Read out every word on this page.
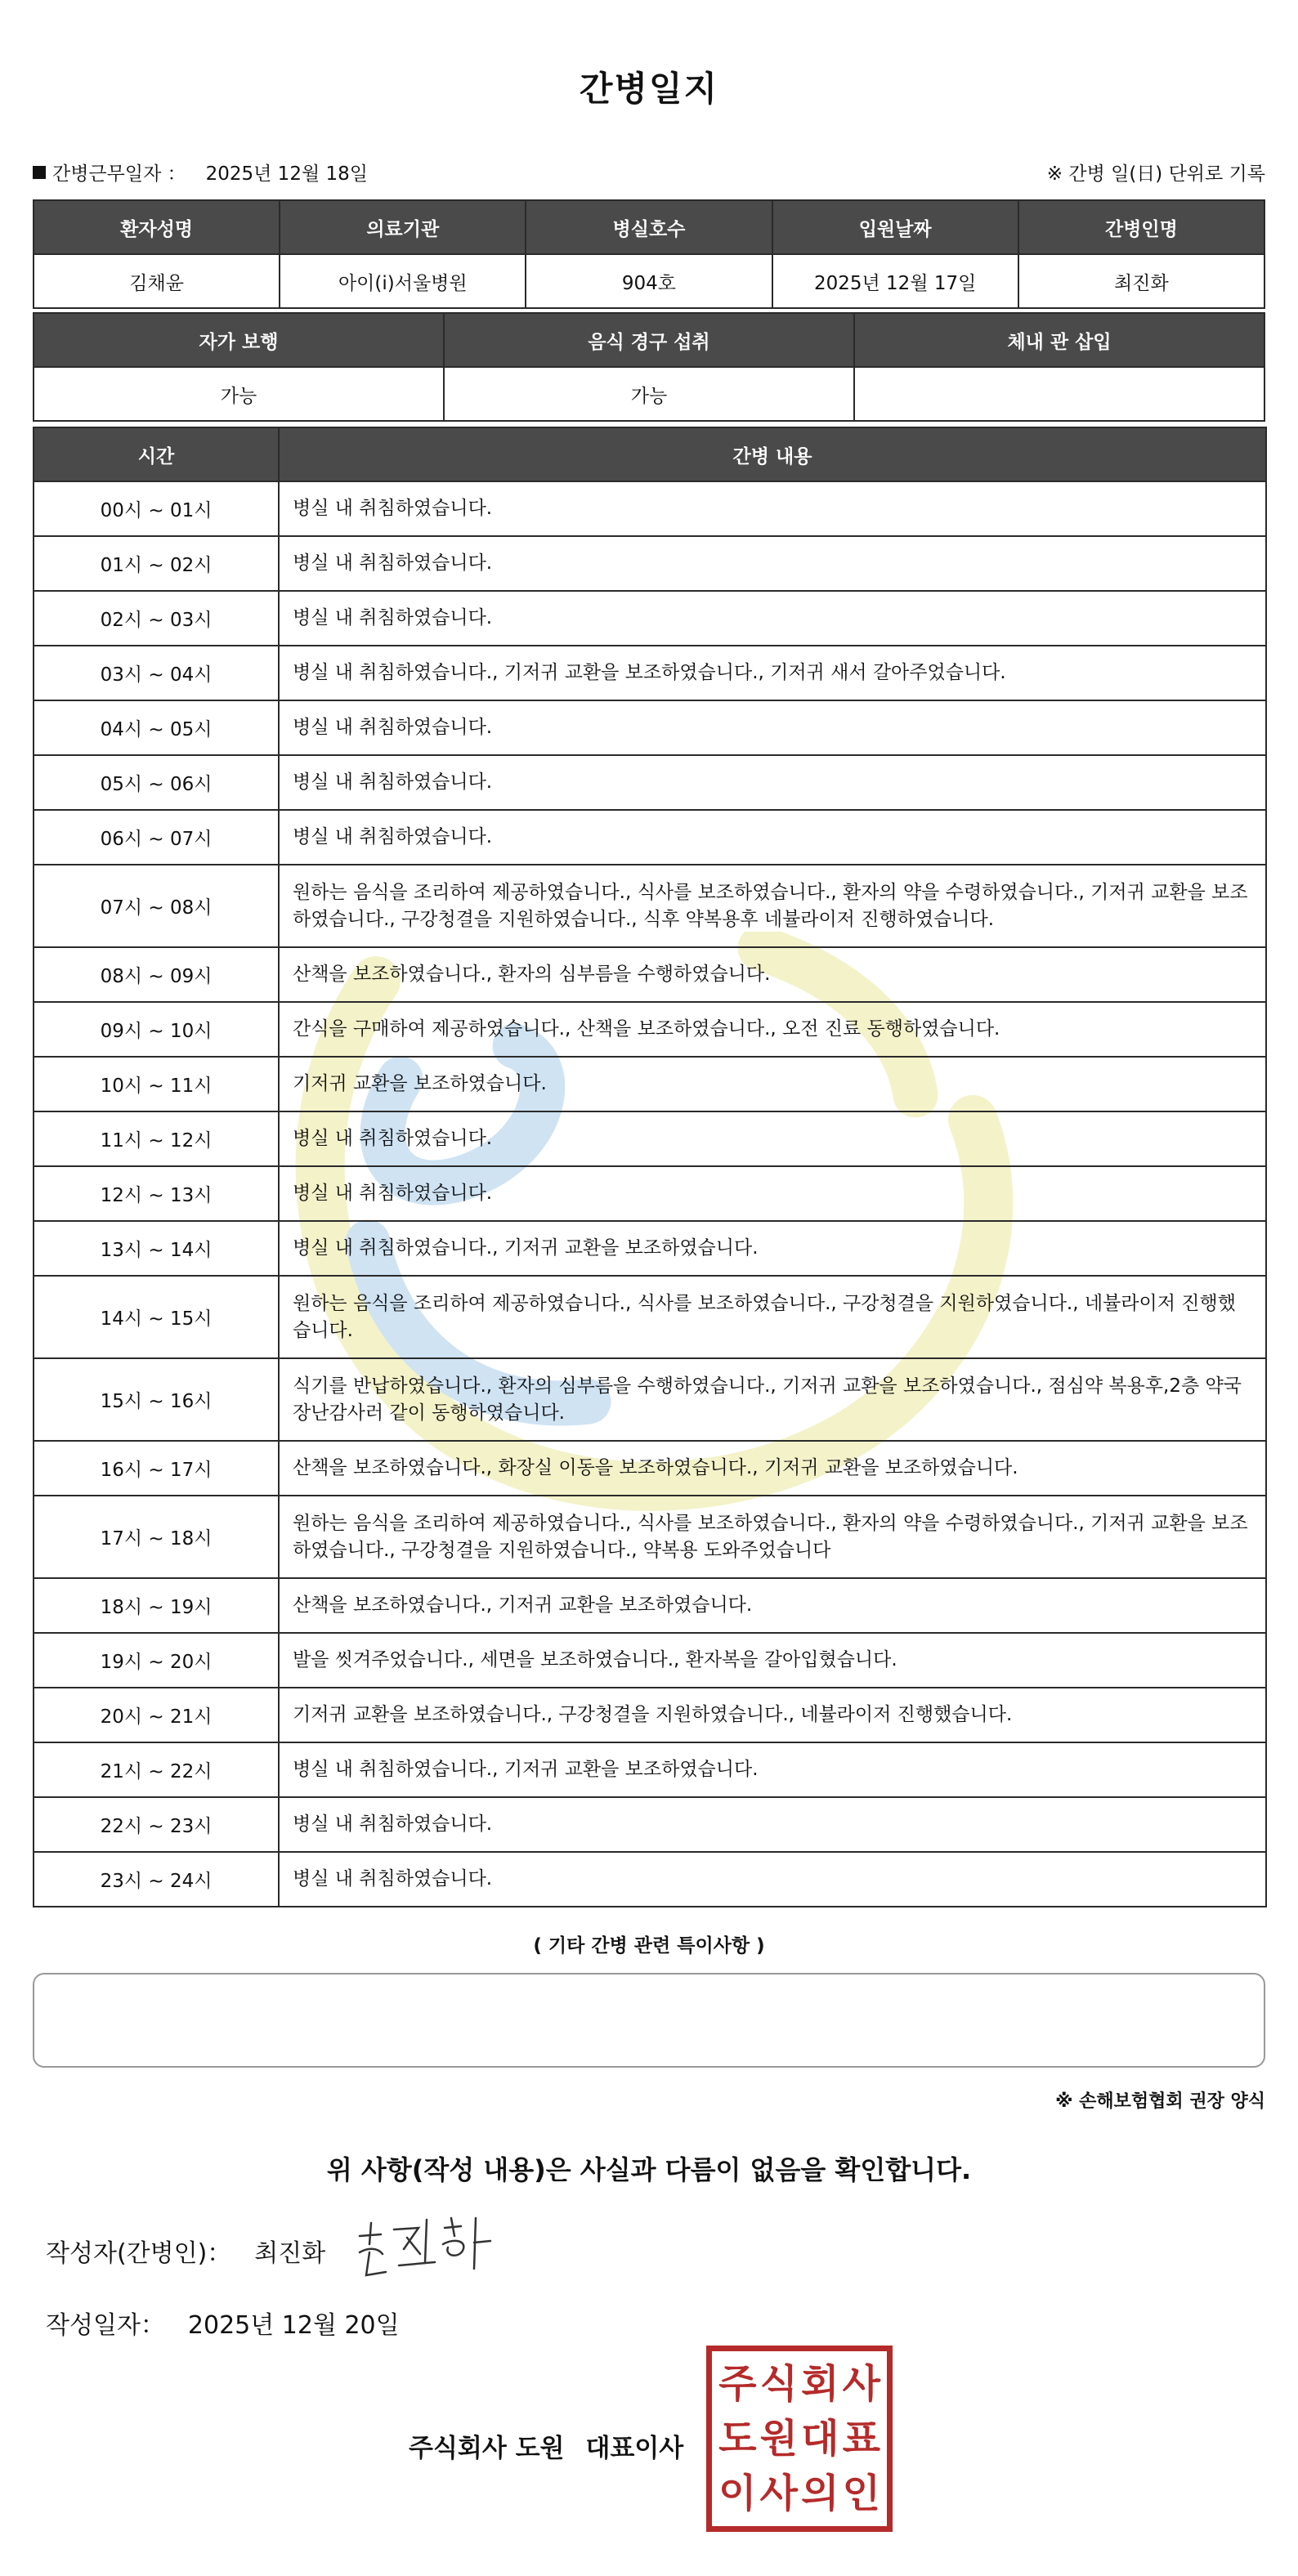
간병일지
간병근무일자 ： 2025년 12월 18일	※ 간병 일(日) 단위로 기록
환자성명	의료기관	병실호수	입원날짜	간병인명
김채윤	아이(i)서울병원	904호	2025년 12월 17일	최진화
자가 보행	음식 경구 섭취	체내 관 삽입
가능	가능	
시간	간병 내용
00시 ~ 01시	병실 내 취침하였습니다.
01시 ~ 02시	병실 내 취침하였습니다.
02시 ~ 03시	병실 내 취침하였습니다.
03시 ~ 04시	병실 내 취침하였습니다., 기저귀 교환을 보조하였습니다., 기저귀 새서 갈아주었습니다.
04시 ~ 05시	병실 내 취침하였습니다.
05시 ~ 06시	병실 내 취침하였습니다.
06시 ~ 07시	병실 내 취침하였습니다.
07시 ~ 08시	원하는 음식을 조리하여 제공하였습니다., 식사를 보조하였습니다., 환자의 약을 수령하였습니다., 기저귀 교환을 보조하였습니다., 구강청결을 지원하였습니다., 식후 약복용후 네뷸라이저 진행하였습니다.
08시 ~ 09시	산책을 보조하였습니다., 환자의 심부름을 수행하였습니다.
09시 ~ 10시	간식을 구매하여 제공하였습니다., 산책을 보조하였습니다., 오전 진료 동행하였습니다.
10시 ~ 11시	기저귀 교환을 보조하였습니다.
11시 ~ 12시	병실 내 취침하였습니다.
12시 ~ 13시	병실 내 취침하였습니다.
13시 ~ 14시	병실 내 취침하였습니다., 기저귀 교환을 보조하였습니다.
14시 ~ 15시	원하는 음식을 조리하여 제공하였습니다., 식사를 보조하였습니다., 구강청결을 지원하였습니다., 네뷸라이저 진행했습니다.
15시 ~ 16시	식기를 반납하였습니다., 환자의 심부름을 수행하였습니다., 기저귀 교환을 보조하였습니다., 점심약 복용후,2층 약국 장난감사러 같이 동행하였습니다.
16시 ~ 17시	산책을 보조하였습니다., 화장실 이동을 보조하였습니다., 기저귀 교환을 보조하였습니다.
17시 ~ 18시	원하는 음식을 조리하여 제공하였습니다., 식사를 보조하였습니다., 환자의 약을 수령하였습니다., 기저귀 교환을 보조하였습니다., 구강청결을 지원하였습니다., 약복용 도와주었습니다
18시 ~ 19시	산책을 보조하였습니다., 기저귀 교환을 보조하였습니다.
19시 ~ 20시	발을 씻겨주었습니다., 세면을 보조하였습니다., 환자복을 갈아입혔습니다.
20시 ~ 21시	기저귀 교환을 보조하였습니다., 구강청결을 지원하였습니다., 네뷸라이저 진행했습니다.
21시 ~ 22시	병실 내 취침하였습니다., 기저귀 교환을 보조하였습니다.
22시 ~ 23시	병실 내 취침하였습니다.
23시 ~ 24시	병실 내 취침하였습니다.
( 기타 간병 관련 특이사항 )
※ 손해보험협회 권장 양식
위 사항(작성 내용)은 사실과 다름이 없음을 확인합니다.
작성자(간병인)： 최진화
작성일자： 2025년 12월 20일
주식회사 도원 대표이사
주 식 회 사
도 원 대 표
이 사 의 인
